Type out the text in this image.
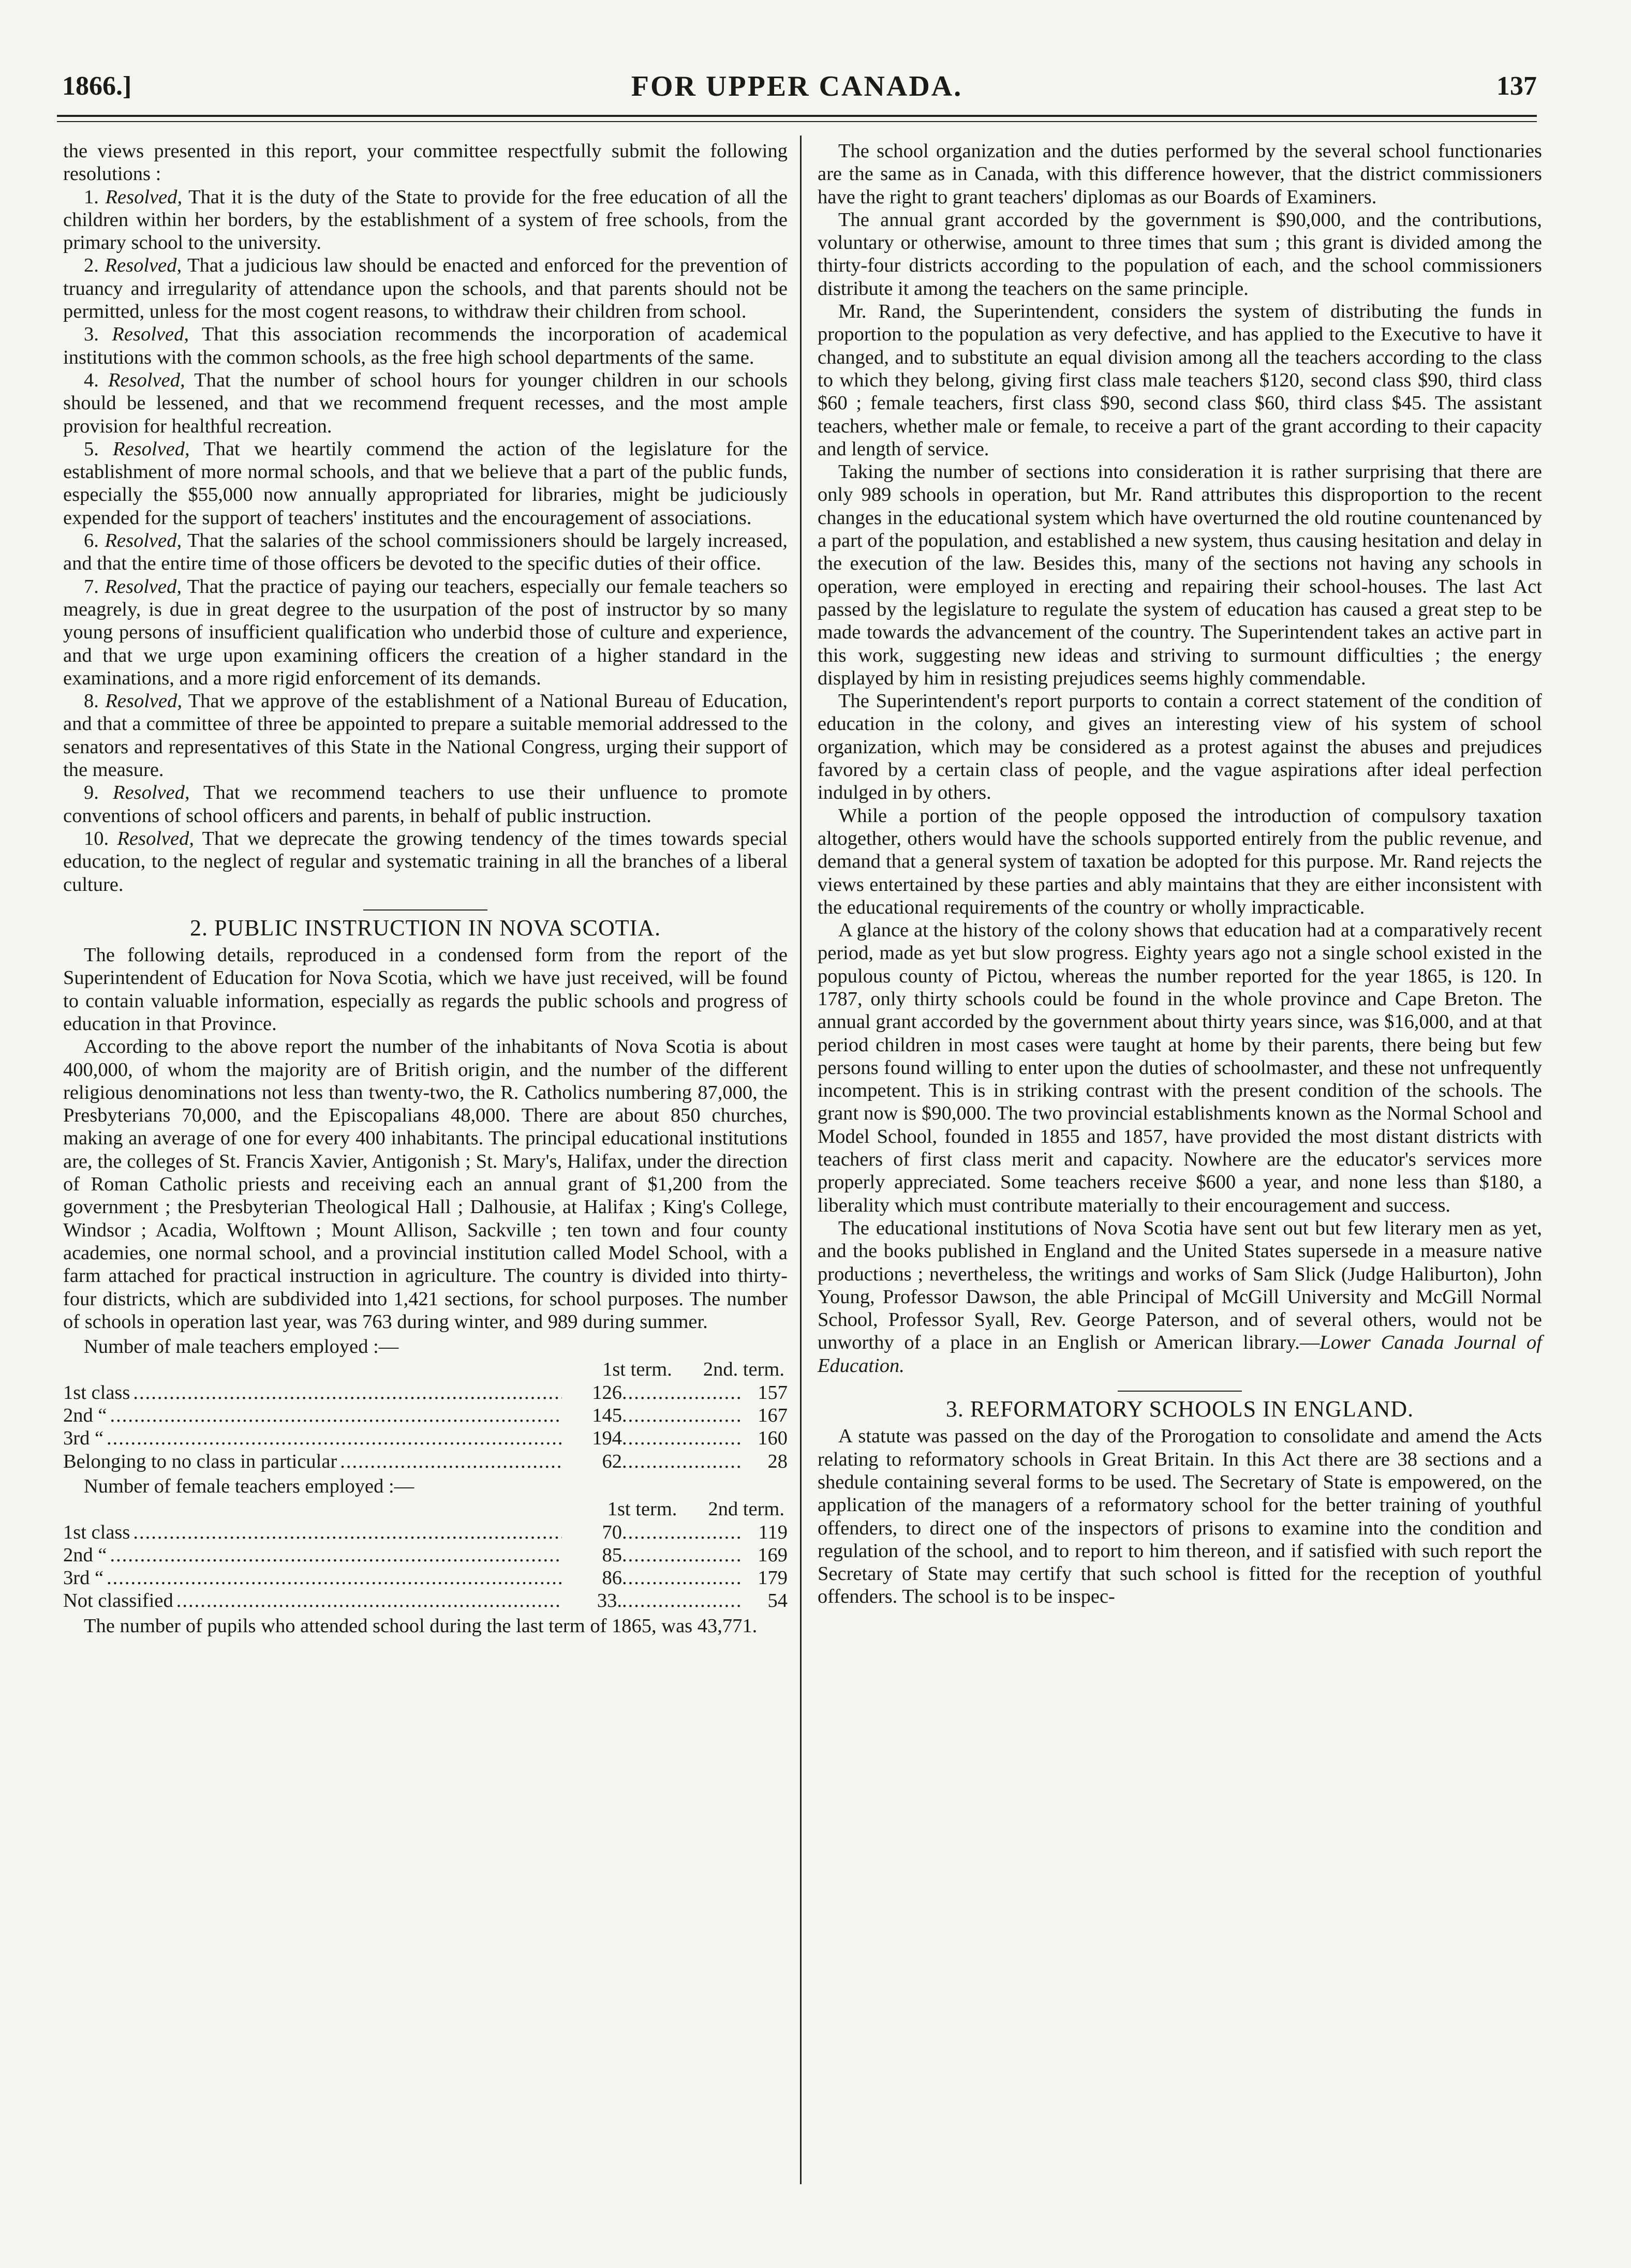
1866.]	FOR UPPER CANADA.	137

the views presented in this report, your committee respectfully submit the following resolutions :

1. Resolved, That it is the duty of the State to provide for the free education of all the children within her borders, by the establishment of a system of free schools, from the primary school to the university.

2. Resolved, That a judicious law should be enacted and enforced for the prevention of truancy and irregularity of attendance upon the schools, and that parents should not be permitted, unless for the most cogent reasons, to withdraw their children from school.

3. Resolved, That this association recommends the incorporation of academical institutions with the common schools, as the free high school departments of the same.

4. Resolved, That the number of school hours for younger children in our schools should be lessened, and that we recommend frequent recesses, and the most ample provision for healthful recreation.

5. Resolved, That we heartily commend the action of the legislature for the establishment of more normal schools, and that we believe that a part of the public funds, especially the $55,000 now annually appropriated for libraries, might be judiciously expended for the support of teachers' institutes and the encouragement of associations.

6. Resolved, That the salaries of the school commissioners should be largely increased, and that the entire time of those officers be devoted to the specific duties of their office.

7. Resolved, That the practice of paying our teachers, especially our female teachers so meagrely, is due in great degree to the usurpation of the post of instructor by so many young persons of insufficient qualification who underbid those of culture and experience, and that we urge upon examining officers the creation of a higher standard in the examinations, and a more rigid enforcement of its demands.

8. Resolved, That we approve of the establishment of a National Bureau of Education, and that a committee of three be appointed to prepare a suitable memorial addressed to the senators and representatives of this State in the National Congress, urging their support of the measure.

9. Resolved, That we recommend teachers to use their unfluence to promote conventions of school officers and parents, in behalf of public instruction.

10. Resolved, That we deprecate the growing tendency of the times towards special education, to the neglect of regular and systematic training in all the branches of a liberal culture.

2. PUBLIC INSTRUCTION IN NOVA SCOTIA.

The following details, reproduced in a condensed form from the report of the Superintendent of Education for Nova Scotia, which we have just received, will be found to contain valuable information, especially as regards the public schools and progress of education in that Province.

According to the above report the number of the inhabitants of Nova Scotia is about 400,000, of whom the majority are of British origin, and the number of the different religious denominations not less than twenty-two, the R. Catholics numbering 87,000, the Presbyterians 70,000, and the Episcopalians 48,000. There are about 850 churches, making an average of one for every 400 inhabitants. The principal educational institutions are, the colleges of St. Francis Xavier, Antigonish ; St. Mary's, Halifax, under the direction of Roman Catholic priests and receiving each an annual grant of $1,200 from the government ; the Presbyterian Theological Hall ; Dalhousie, at Halifax ; King's College, Windsor ; Acadia, Wolftown ; Mount Allison, Sackville ; ten town and four county academies, one normal school, and a provincial institution called Model School, with a farm attached for practical instruction in agriculture. The country is divided into thirty-four districts, which are subdivided into 1,421 sections, for school purposes. The number of schools in operation last year, was 763 during winter, and 989 during summer.

Number of male teachers employed :—
1st term. 2nd. term.
1st class .....	126 .....	157
2nd “ .....	145 .....	167
3rd “ .....	194 .....	160
Belonging to no class in particular .....	62 .....	28
Number of female teachers employed :—
1st term. 2nd term.
1st class .....	70 .....	119
2nd “ .....	85 .....	169
3rd “ .....	86 .....	179
Not classified .....	33. .....	54

The number of pupils who attended school during the last term of 1865, was 43,771.

The school organization and the duties performed by the several school functionaries are the same as in Canada, with this difference however, that the district commissioners have the right to grant teachers' diplomas as our Boards of Examiners.

The annual grant accorded by the government is $90,000, and the contributions, voluntary or otherwise, amount to three times that sum ; this grant is divided among the thirty-four districts according to the population of each, and the school commissioners distribute it among the teachers on the same principle.

Mr. Rand, the Superintendent, considers the system of distributing the funds in proportion to the population as very defective, and has applied to the Executive to have it changed, and to substitute an equal division among all the teachers according to the class to which they belong, giving first class male teachers $120, second class $90, third class $60 ; female teachers, first class $90, second class $60, third class $45. The assistant teachers, whether male or female, to receive a part of the grant according to their capacity and length of service.

Taking the number of sections into consideration it is rather surprising that there are only 989 schools in operation, but Mr. Rand attributes this disproportion to the recent changes in the educational system which have overturned the old routine countenanced by a part of the population, and established a new system, thus causing hesitation and delay in the execution of the law. Besides this, many of the sections not having any schools in operation, were employed in erecting and repairing their school-houses. The last Act passed by the legislature to regulate the system of education has caused a great step to be made towards the advancement of the country. The Superintendent takes an active part in this work, suggesting new ideas and striving to surmount difficulties ; the energy displayed by him in resisting prejudices seems highly commendable.

The Superintendent's report purports to contain a correct statement of the condition of education in the colony, and gives an interesting view of his system of school organization, which may be considered as a protest against the abuses and prejudices favored by a certain class of people, and the vague aspirations after ideal perfection indulged in by others.

While a portion of the people opposed the introduction of compulsory taxation altogether, others would have the schools supported entirely from the public revenue, and demand that a general system of taxation be adopted for this purpose. Mr. Rand rejects the views entertained by these parties and ably maintains that they are either inconsistent with the educational requirements of the country or wholly impracticable.

A glance at the history of the colony shows that education had at a comparatively recent period, made as yet but slow progress. Eighty years ago not a single school existed in the populous county of Pictou, whereas the number reported for the year 1865, is 120. In 1787, only thirty schools could be found in the whole province and Cape Breton. The annual grant accorded by the government about thirty years since, was $16,000, and at that period children in most cases were taught at home by their parents, there being but few persons found willing to enter upon the duties of schoolmaster, and these not unfrequently incompetent. This is in striking contrast with the present condition of the schools. The grant now is $90,000. The two provincial establishments known as the Normal School and Model School, founded in 1855 and 1857, have provided the most distant districts with teachers of first class merit and capacity. Nowhere are the educator's services more properly appreciated. Some teachers receive $600 a year, and none less than $180, a liberality which must contribute materially to their encouragement and success.

The educational institutions of Nova Scotia have sent out but few literary men as yet, and the books published in England and the United States supersede in a measure native productions ; nevertheless, the writings and works of Sam Slick (Judge Haliburton), John Young, Professor Dawson, the able Principal of McGill University and McGill Normal School, Professor Syall, Rev. George Paterson, and of several others, would not be unworthy of a place in an English or American library.—Lower Canada Journal of Education.

3. REFORMATORY SCHOOLS IN ENGLAND.

A statute was passed on the day of the Prorogation to consolidate and amend the Acts relating to reformatory schools in Great Britain. In this Act there are 38 sections and a shedule containing several forms to be used. The Secretary of State is empowered, on the application of the managers of a reformatory school for the better training of youthful offenders, to direct one of the inspectors of prisons to examine into the condition and regulation of the school, and to report to him thereon, and if satisfied with such report the Secretary of State may certify that such school is fitted for the reception of youthful offenders. The school is to be inspec-
